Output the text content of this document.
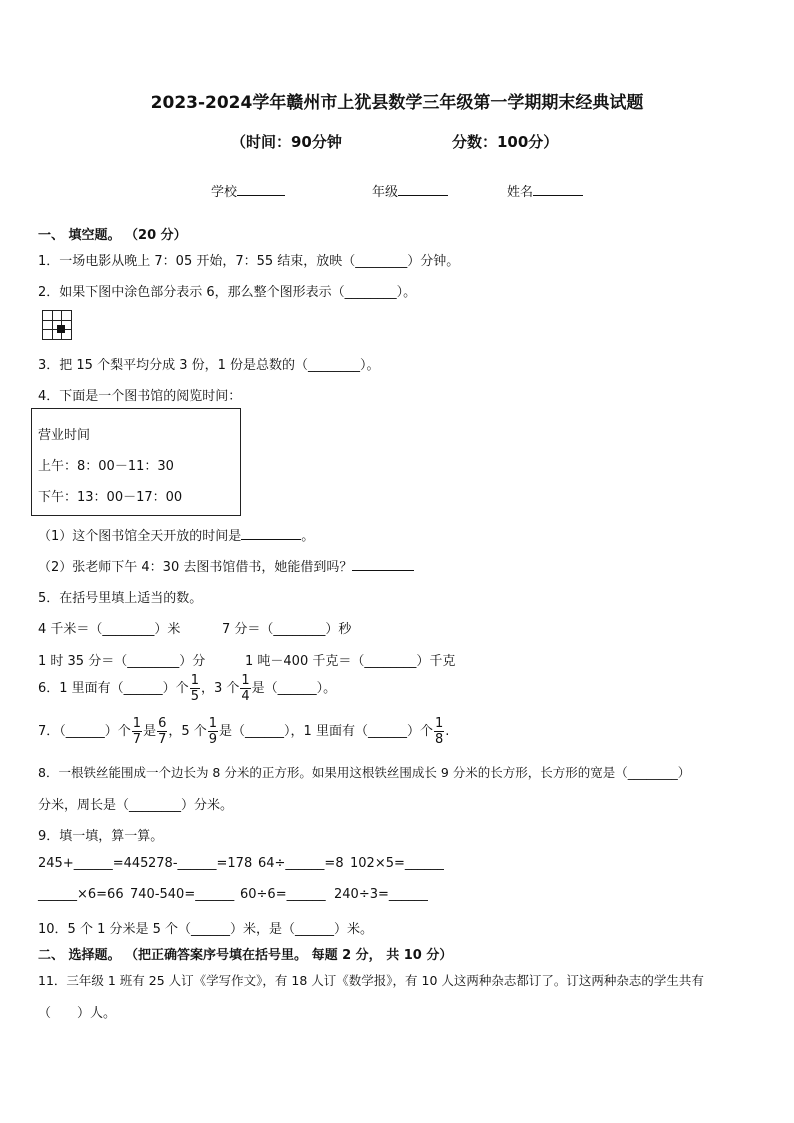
2023-2024学年赣州市上犹县数学三年级第一学期期末经典试题
（时间：90分钟	分数：100分）
学校	年级	姓名
一、 填空题。 （20 分）
1．一场电影从晚上 7：05 开始，7：55 结束，放映（________）分钟。
2．如果下图中涂色部分表示 6，那么整个图形表示（________）。
3．把 15 个梨平均分成 3 份，1 份是总数的（________）。
4．下面是一个图书馆的阅览时间：
营业时间
上午：8：00－11：30
下午：13：00－17：00
（1）这个图书馆全天开放的时间是	。
（2）张老师下午 4：30 去图书馆借书，她能借到吗？
5．在括号里填上适当的数。
4 千米＝（________）米	7 分＝（________）秒
1 时 35 分＝（________）分	1 吨－400 千克＝（________）千克
6．1 里面有（______）个 $\frac{1}{5}$ ，3 个 $\frac{1}{4}$ 是（______）。
7．（______）个 $\frac{1}{7}$ 是 $\frac{6}{7}$ ，5 个 $\frac{1}{9}$ 是（______），1 里面有（______）个 $\frac{1}{8}$ .
8．一根铁丝能围成一个边长为 8 分米的正方形。如果用这根铁丝围成长 9 分米的长方形，长方形的宽是（________）
分米，周长是（________）分米。
9．填一填，算一算。
245+______=445 278-______=178 64÷______=8 102×5=______
______×6=66 740-540=______ 60÷6=______ 240÷3=______
10．5 个 1 分米是 5 个（______）米，是（______）米。
二、 选择题。 （把正确答案序号填在括号里。 每题 2 分， 共 10 分）
11．三年级 1 班有 25 人订《学写作文》，有 18 人订《数学报》，有 10 人这两种杂志都订了。订这两种杂志的学生共有
（　　）人。
